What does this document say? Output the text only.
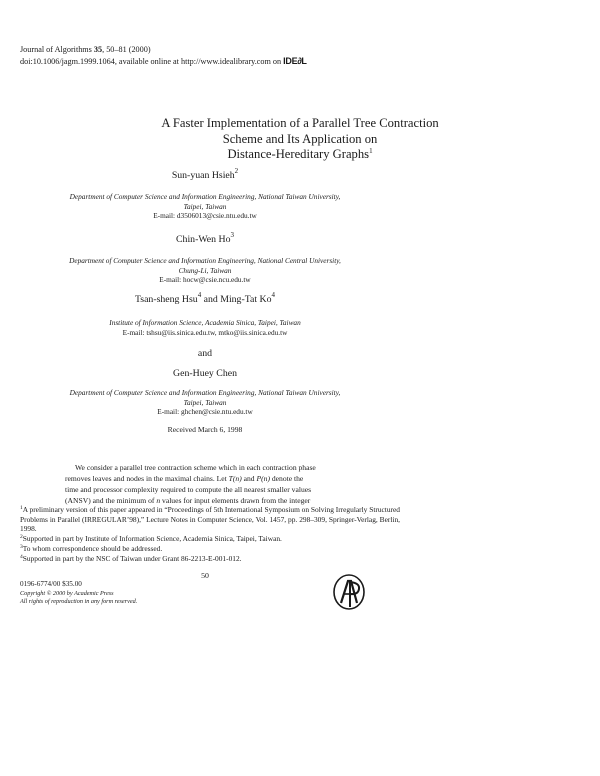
Journal of Algorithms 35, 50–81 (2000)
doi:10.1006/jagm.1999.1064, available online at http://www.idealibrary.com on IDE∂L
A Faster Implementation of a Parallel Tree Contraction
Scheme and Its Application on
Distance-Hereditary Graphs$^1$
Sun-yuan Hsieh$^2$
Department of Computer Science and Information Engineering, National Taiwan University,
Taipei, Taiwan
E-mail: d3506013@csie.ntu.edu.tw
Chin-Wen Ho$^3$
Department of Computer Science and Information Engineering, National Central University,
Chung-Li, Taiwan
E-mail: hocw@csie.ncu.edu.tw
Tsan-sheng Hsu$^4$ and Ming-Tat Ko$^4$
Institute of Information Science, Academia Sinica, Taipei, Taiwan
E-mail: tshsu@iis.sinica.edu.tw, mtko@iis.sinica.edu.tw
and
Gen-Huey Chen
Department of Computer Science and Information Engineering, National Taiwan University,
Taipei, Taiwan
E-mail: ghchen@csie.ntu.edu.tw
Received March 6, 1998
We consider a parallel tree contraction scheme which in each contraction phase
removes leaves and nodes in the maximal chains. Let T(n) and P(n) denote the
time and processor complexity required to compute the all nearest smaller values
(ANSV) and the minimum of n values for input elements drawn from the integer
$^1$A preliminary version of this paper appeared in “Proceedings of 5th International Symposium on Solving Irregularly Structured Problems in Parallel (IRREGULAR’98),” Lecture Notes in Computer Science, Vol. 1457, pp. 298–309, Springer-Verlag, Berlin, 1998.
$^2$Supported in part by Institute of Information Science, Academia Sinica, Taipei, Taiwan.
$^3$To whom correspondence should be addressed.
$^4$Supported in part by the NSC of Taiwan under Grant 86-2213-E-001-012.
50
0196-6774/00 $35.00
Copyright © 2000 by Academic Press
All rights of reproduction in any form reserved.
